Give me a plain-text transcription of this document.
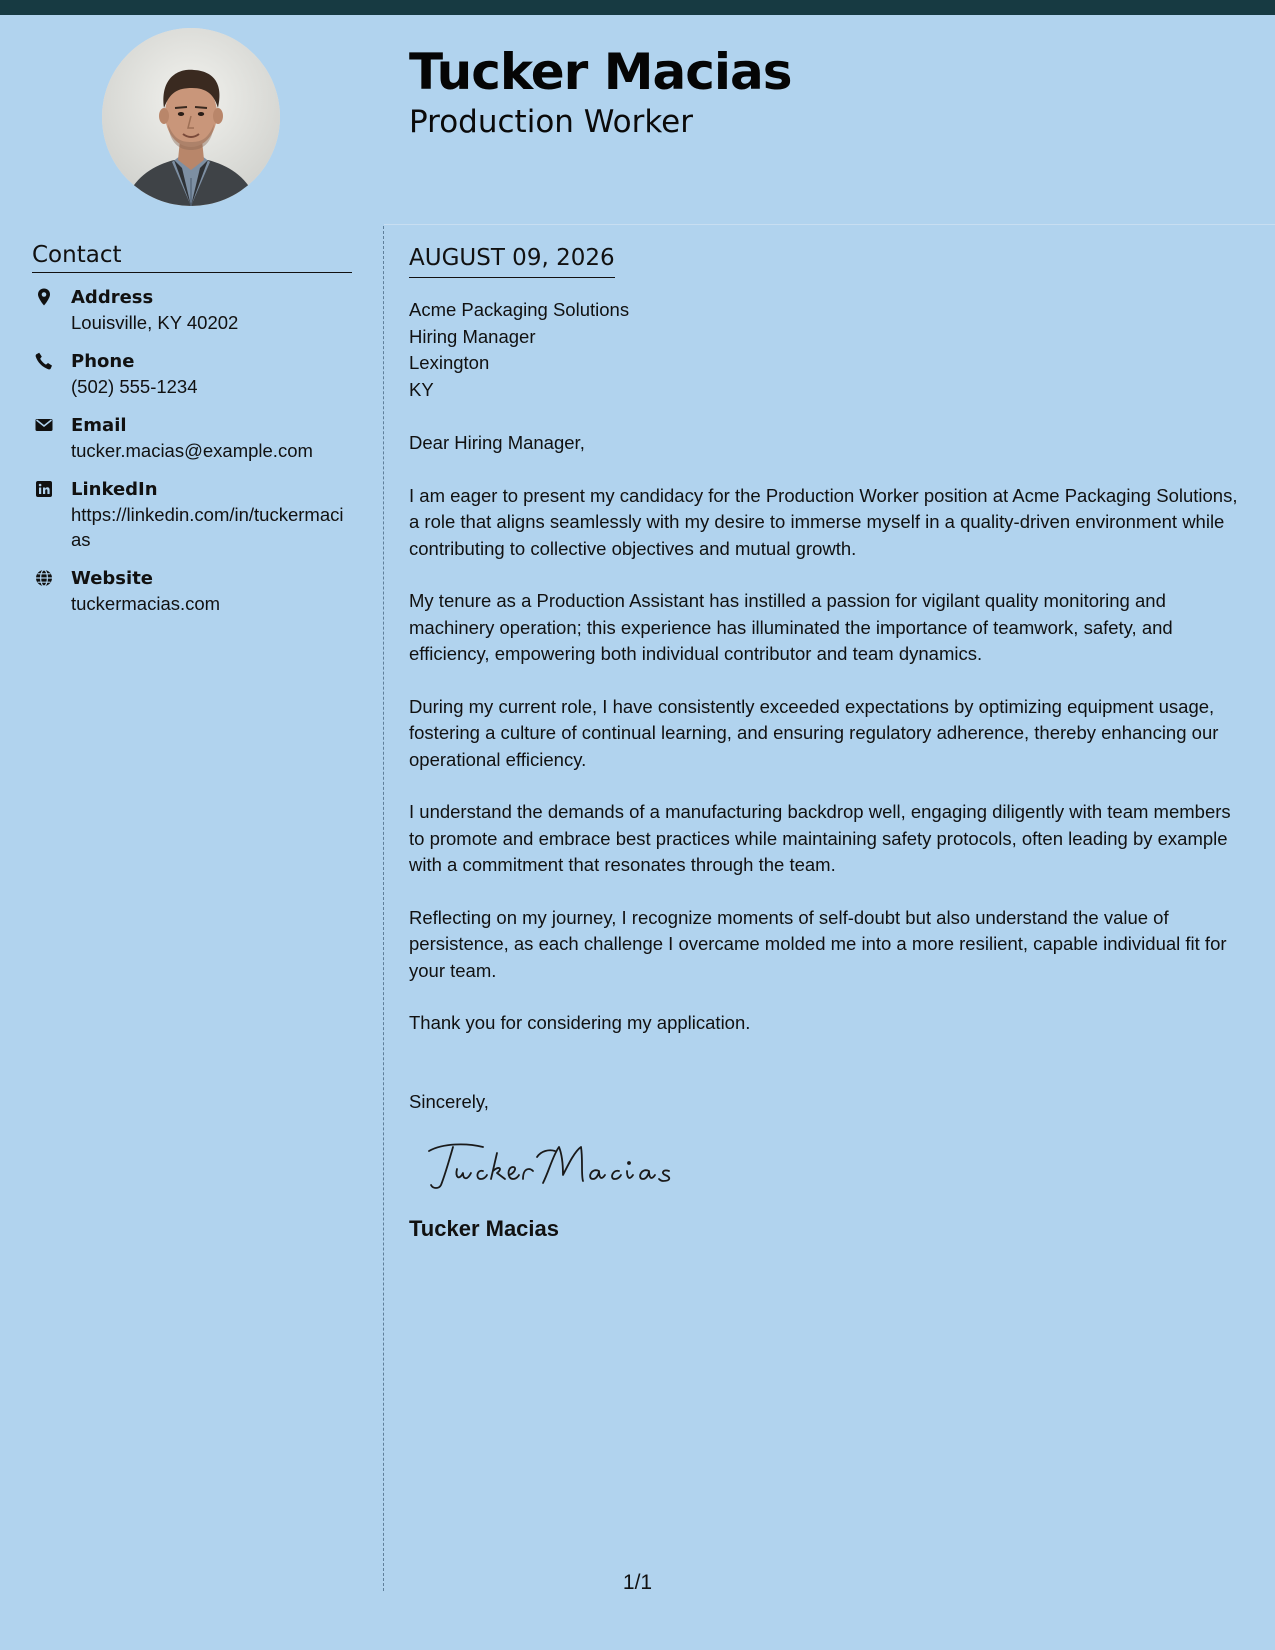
Tucker Macias
Production Worker
Contact
Address
Louisville, KY 40202
Phone
(502) 555-1234
Email
tucker.macias@example.com
LinkedIn
https://linkedin.com/in/tuckermacias
Website
tuckermacias.com
AUGUST 09, 2026
Acme Packaging Solutions
Hiring Manager
Lexington
KY

Dear Hiring Manager,

I am eager to present my candidacy for the Production Worker position at Acme Packaging Solutions, a role that aligns seamlessly with my desire to immerse myself in a quality-driven environment while contributing to collective objectives and mutual growth.

My tenure as a Production Assistant has instilled a passion for vigilant quality monitoring and machinery operation; this experience has illuminated the importance of teamwork, safety, and efficiency, empowering both individual contributor and team dynamics.

During my current role, I have consistently exceeded expectations by optimizing equipment usage, fostering a culture of continual learning, and ensuring regulatory adherence, thereby enhancing our operational efficiency.

I understand the demands of a manufacturing backdrop well, engaging diligently with team members to promote and embrace best practices while maintaining safety protocols, often leading by example with a commitment that resonates through the team.

Reflecting on my journey, I recognize moments of self-doubt but also understand the value of persistence, as each challenge I overcame molded me into a more resilient, capable individual fit for your team.

Thank you for considering my application.

Sincerely,

Tucker Macias

1/1
